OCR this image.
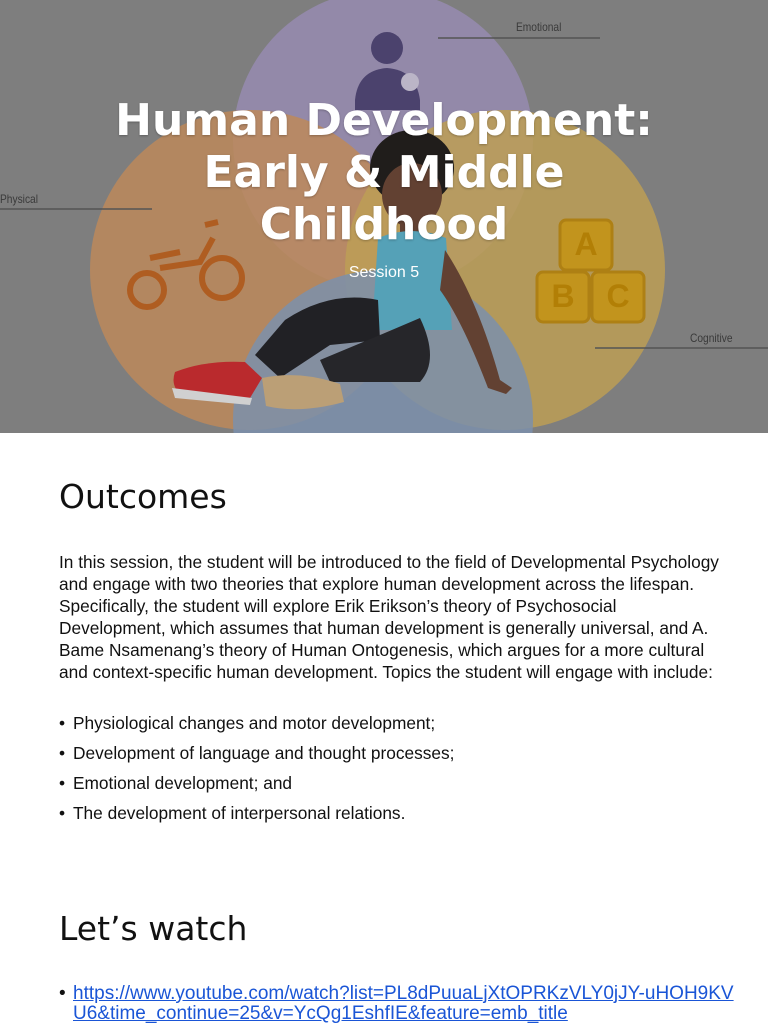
A
B C
Emotional
Physical
Cognitive
Human Development:
Early & Middle
Childhood
Session 5
Outcomes
In this session, the student will be introduced to the field of Developmental Psychology and engage with two theories that explore human development across the lifespan. Specifically, the student will explore Erik Erikson’s theory of Psychosocial Development, which assumes that human development is generally universal, and A. Bame Nsamenang’s theory of Human Ontogenesis, which argues for a more cultural and context-specific human development. Topics the student will engage with include:
• Physiological changes and motor development;
• Development of language and thought processes;
• Emotional development; and
• The development of interpersonal relations.
Let’s watch
• https://www.youtube.com/watch?list=PL8dPuuaLjXtOPRKzVLY0jJY-uHOH9KVU6&time_continue=25&v=YcQg1EshfIE&feature=emb_title
